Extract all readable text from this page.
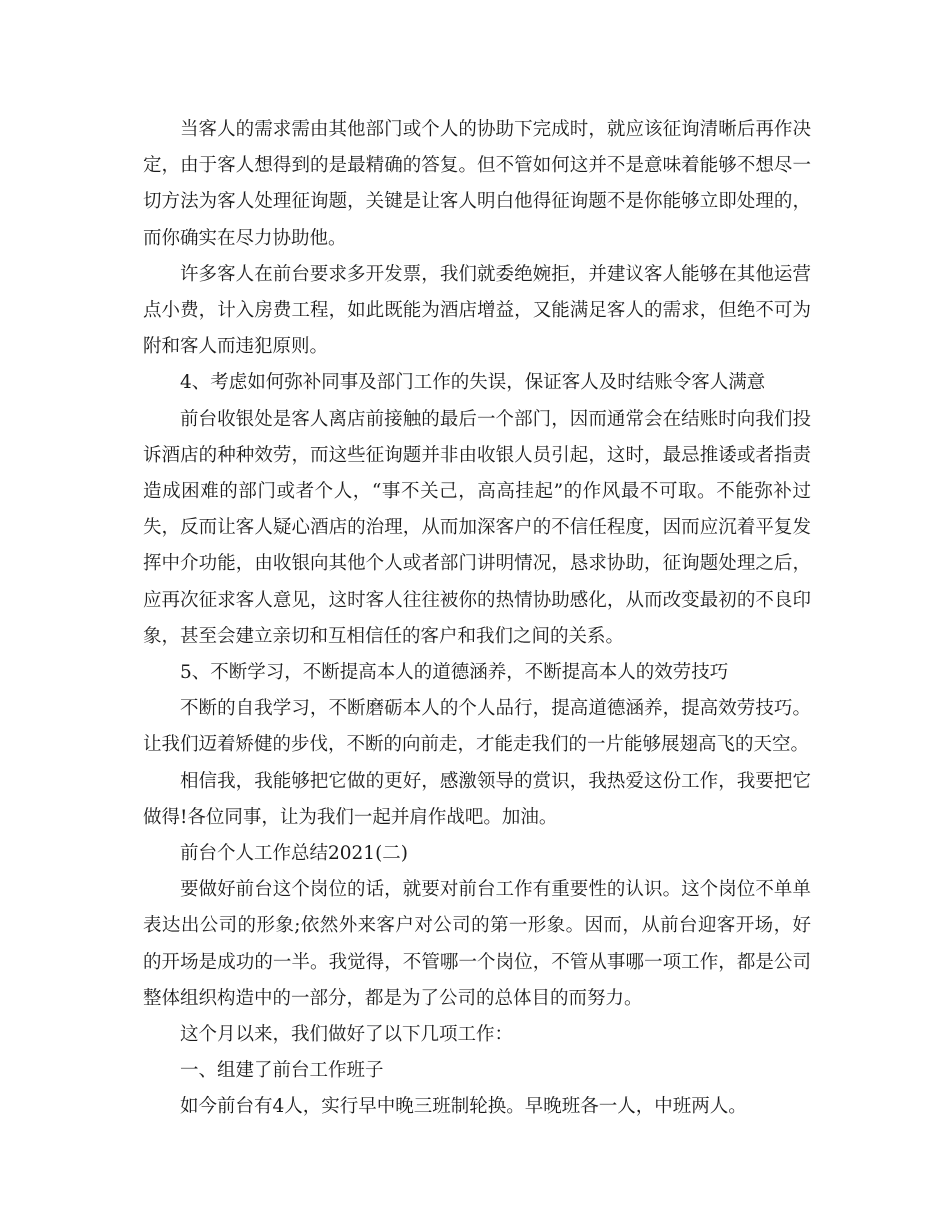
当客人的需求需由其他部门或个人的协助下完成时，就应该征询清晰后再作决定，由于客人想得到的是最精确的答复。但不管如何这并不是意味着能够不想尽一切方法为客人处理征询题，关键是让客人明白他得征询题不是你能够立即处理的，而你确实在尽力协助他。

许多客人在前台要求多开发票，我们就委绝婉拒，并建议客人能够在其他运营点小费，计入房费工程，如此既能为酒店增益，又能满足客人的需求，但绝不可为附和客人而违犯原则。

4、考虑如何弥补同事及部门工作的失误，保证客人及时结账令客人满意

前台收银处是客人离店前接触的最后一个部门，因而通常会在结账时向我们投诉酒店的种种效劳，而这些征询题并非由收银人员引起，这时，最忌推诿或者指责造成困难的部门或者个人，“事不关己，高高挂起”的作风最不可取。不能弥补过失，反而让客人疑心酒店的治理，从而加深客户的不信任程度，因而应沉着平复发挥中介功能，由收银向其他个人或者部门讲明情况，恳求协助，征询题处理之后，应再次征求客人意见，这时客人往往被你的热情协助感化，从而改变最初的不良印象，甚至会建立亲切和互相信任的客户和我们之间的关系。

5、不断学习，不断提高本人的道德涵养，不断提高本人的效劳技巧

不断的自我学习，不断磨砺本人的个人品行，提高道德涵养，提高效劳技巧。让我们迈着矫健的步伐，不断的向前走，才能走我们的一片能够展翅高飞的天空。

相信我，我能够把它做的更好，感激领导的赏识，我热爱这份工作，我要把它做得!各位同事，让为我们一起并肩作战吧。加油。

前台个人工作总结2021(二)

要做好前台这个岗位的话，就要对前台工作有重要性的认识。这个岗位不单单表达出公司的形象;依然外来客户对公司的第一形象。因而，从前台迎客开场，好的开场是成功的一半。我觉得，不管哪一个岗位，不管从事哪一项工作，都是公司整体组织构造中的一部分，都是为了公司的总体目的而努力。

这个月以来，我们做好了以下几项工作：

一、组建了前台工作班子

如今前台有4人，实行早中晚三班制轮换。早晚班各一人，中班两人。
